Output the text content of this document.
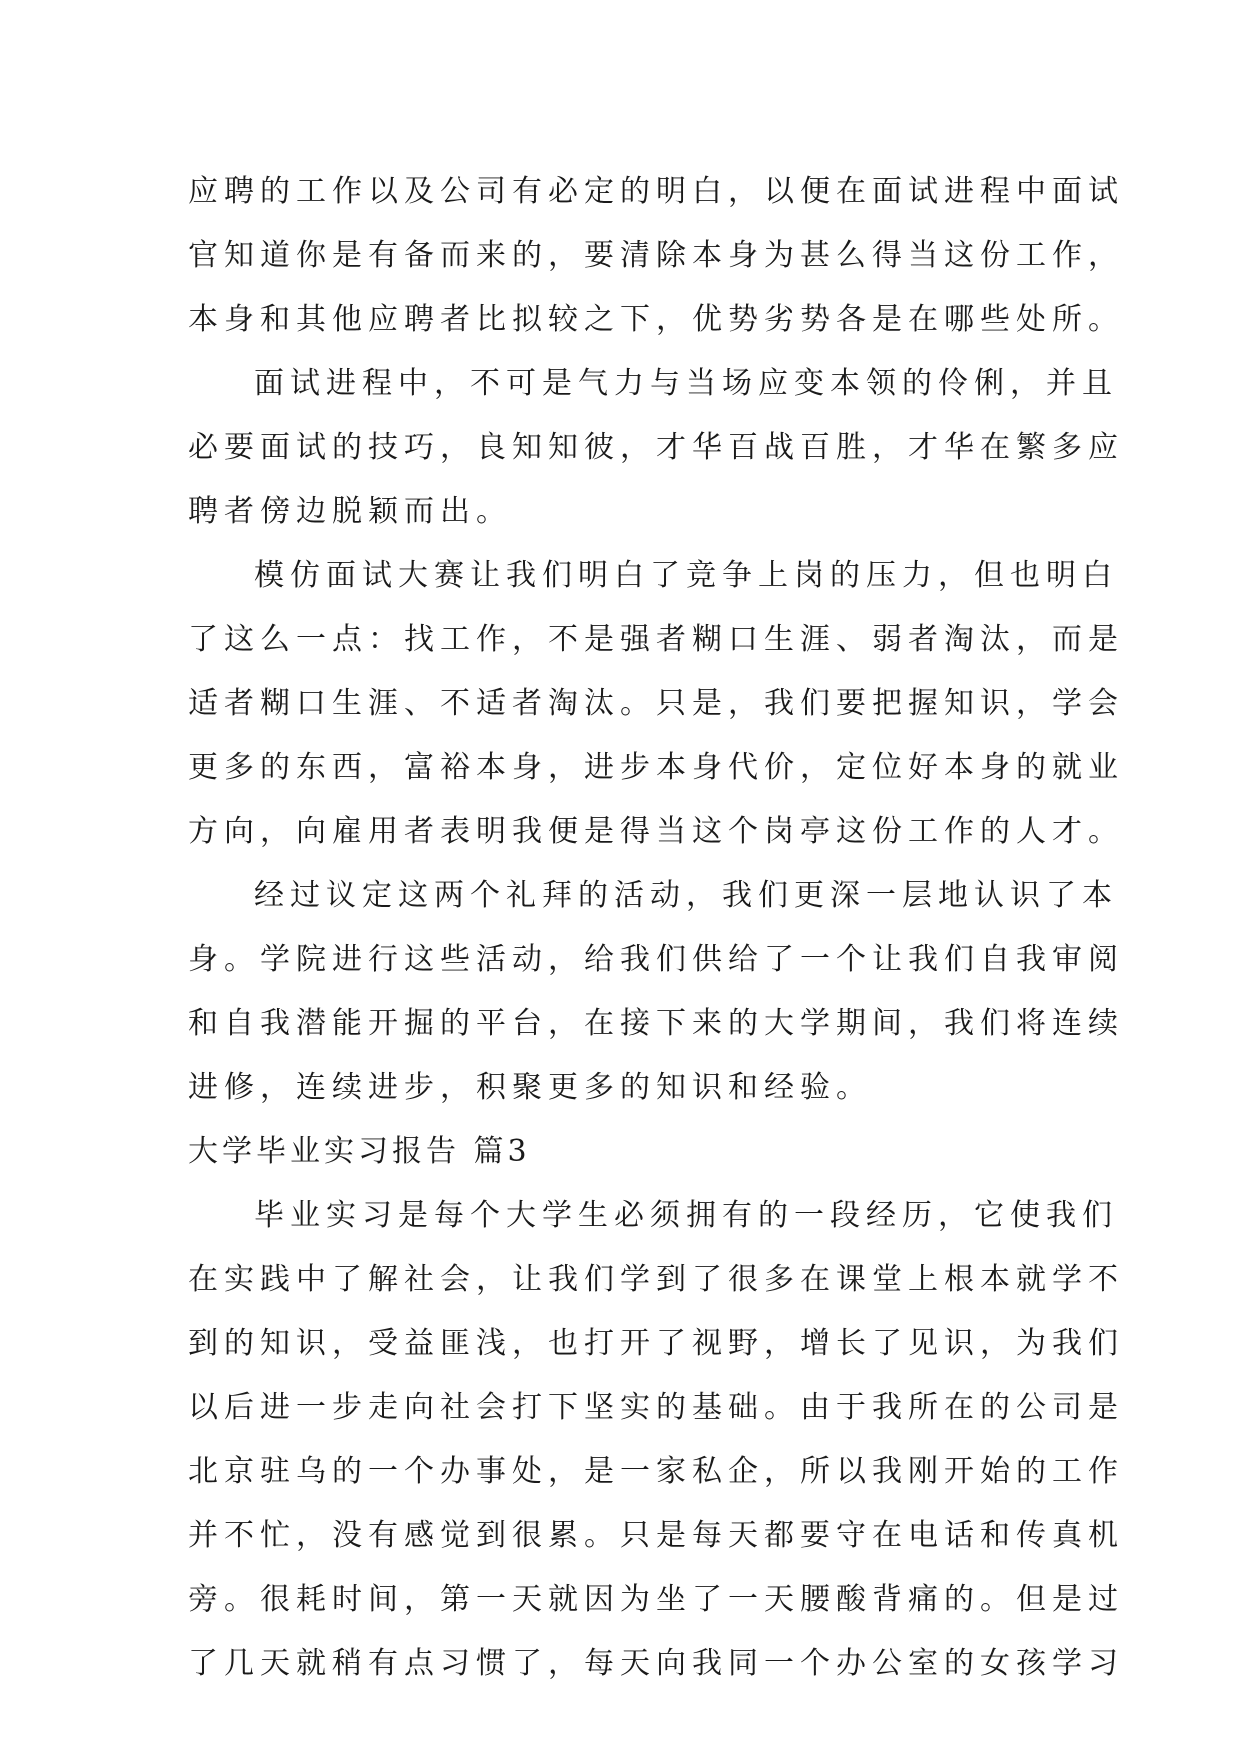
应聘的工作以及公司有必定的明白，以便在面试进程中面试
官知道你是有备而来的，要清除本身为甚么得当这份工作，
本身和其他应聘者比拟较之下，优势劣势各是在哪些处所。
面试进程中，不可是气力与当场应变本领的伶俐，并且
必要面试的技巧，良知知彼，才华百战百胜，才华在繁多应
聘者傍边脱颖而出。
模仿面试大赛让我们明白了竞争上岗的压力，但也明白
了这么一点：找工作，不是强者糊口生涯、弱者淘汰，而是
适者糊口生涯、不适者淘汰。只是，我们要把握知识，学会
更多的东西，富裕本身，进步本身代价，定位好本身的就业
方向，向雇用者表明我便是得当这个岗亭这份工作的人才。
经过议定这两个礼拜的活动，我们更深一层地认识了本
身。学院进行这些活动，给我们供给了一个让我们自我审阅
和自我潜能开掘的平台，在接下来的大学期间，我们将连续
进修，连续进步，积聚更多的知识和经验。
大学毕业实习报告 篇3
毕业实习是每个大学生必须拥有的一段经历，它使我们
在实践中了解社会，让我们学到了很多在课堂上根本就学不
到的知识，受益匪浅，也打开了视野，增长了见识，为我们
以后进一步走向社会打下坚实的基础。由于我所在的公司是
北京驻乌的一个办事处，是一家私企，所以我刚开始的工作
并不忙，没有感觉到很累。只是每天都要守在电话和传真机
旁。很耗时间，第一天就因为坐了一天腰酸背痛的。但是过
了几天就稍有点习惯了，每天向我同一个办公室的女孩学习
